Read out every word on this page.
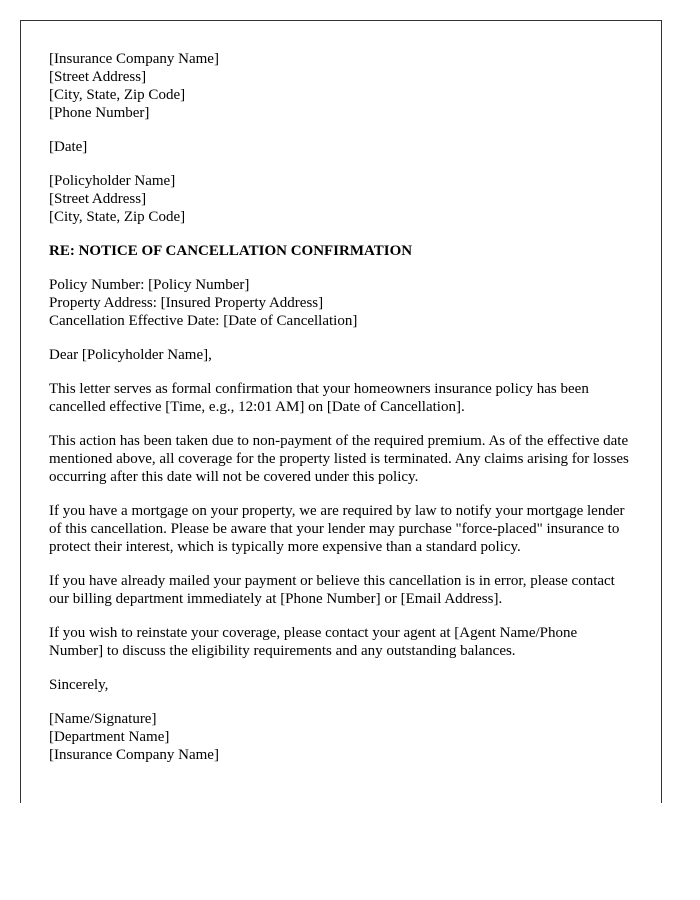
[Insurance Company Name]
[Street Address]
[City, State, Zip Code]
[Phone Number]

[Date]

[Policyholder Name]
[Street Address]
[City, State, Zip Code]

RE: NOTICE OF CANCELLATION CONFIRMATION

Policy Number: [Policy Number]
Property Address: [Insured Property Address]
Cancellation Effective Date: [Date of Cancellation]

Dear [Policyholder Name],

This letter serves as formal confirmation that your homeowners insurance policy has been cancelled effective [Time, e.g., 12:01 AM] on [Date of Cancellation].

This action has been taken due to non-payment of the required premium. As of the effective date mentioned above, all coverage for the property listed is terminated. Any claims arising for losses occurring after this date will not be covered under this policy.

If you have a mortgage on your property, we are required by law to notify your mortgage lender of this cancellation. Please be aware that your lender may purchase "force-placed" insurance to protect their interest, which is typically more expensive than a standard policy.

If you have already mailed your payment or believe this cancellation is in error, please contact our billing department immediately at [Phone Number] or [Email Address].

If you wish to reinstate your coverage, please contact your agent at [Agent Name/Phone Number] to discuss the eligibility requirements and any outstanding balances.

Sincerely,

[Name/Signature]
[Department Name]
[Insurance Company Name]
